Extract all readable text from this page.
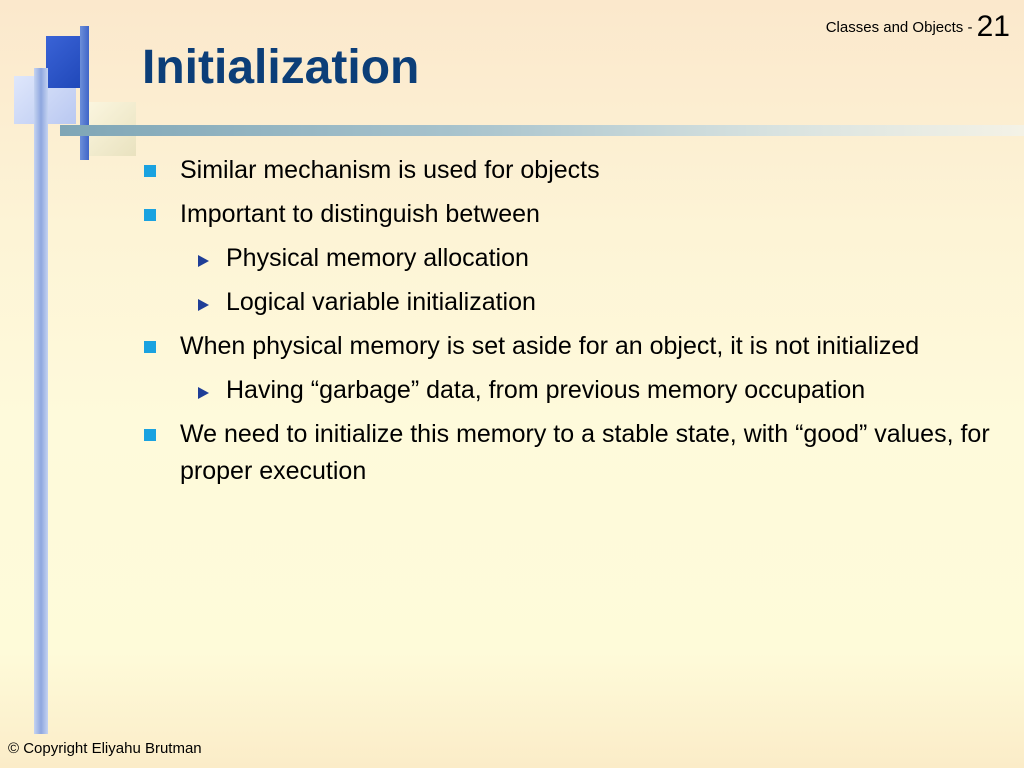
Classes and Objects - 21
Initialization
Similar mechanism is used for objects
Important to distinguish between
Physical memory allocation
Logical variable initialization
When physical memory is set aside for an object, it is not initialized
Having “garbage” data, from previous memory occupation
We need to initialize this memory to a stable state, with “good” values, for proper execution
© Copyright Eliyahu Brutman
